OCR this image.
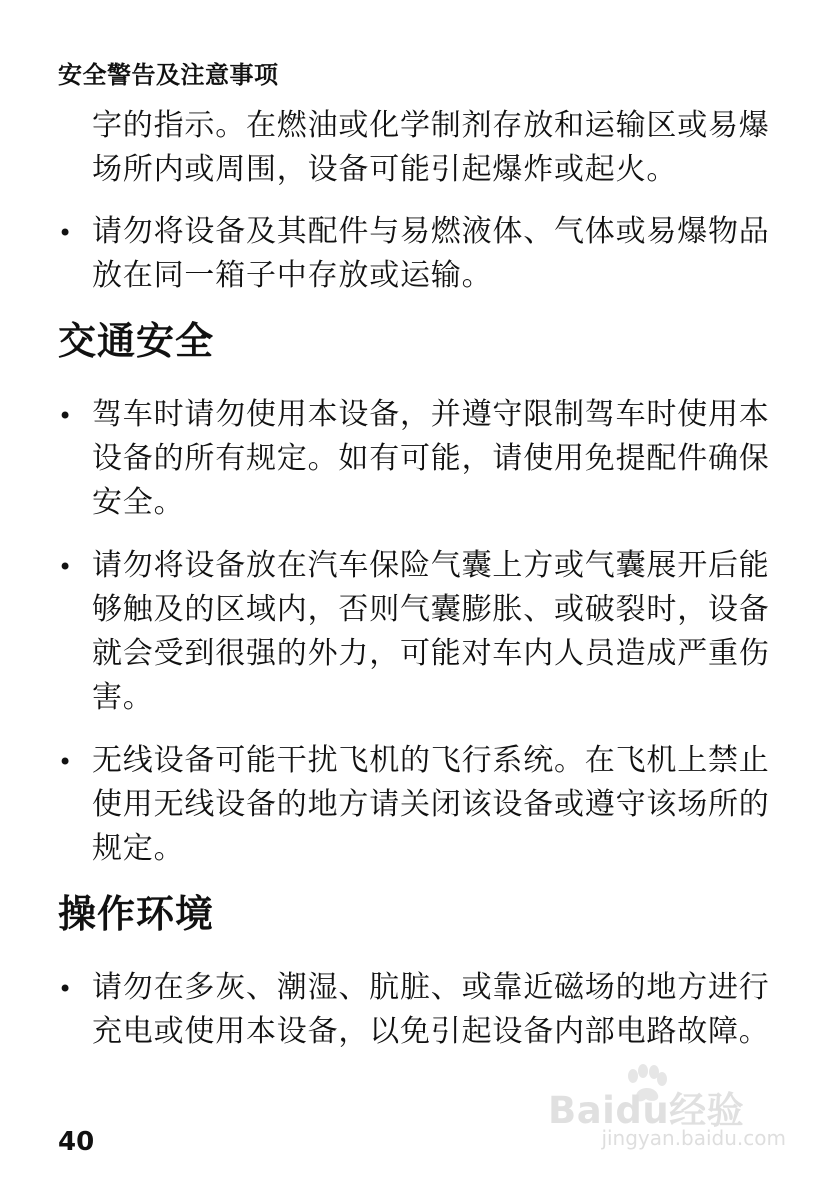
安全警告及注意事项

字的指示。在燃油或化学制剂存放和运输区或易爆场所内或周围，设备可能引起爆炸或起火。

• 请勿将设备及其配件与易燃液体、气体或易爆物品放在同一箱子中存放或运输。
交通安全
• 驾车时请勿使用本设备，并遵守限制驾车时使用本设备的所有规定。如有可能，请使用免提配件确保安全。
• 请勿将设备放在汽车保险气囊上方或气囊展开后能够触及的区域内，否则气囊膨胀、或破裂时，设备就会受到很强的外力，可能对车内人员造成严重伤害。
• 无线设备可能干扰飞机的飞行系统。在飞机上禁止使用无线设备的地方请关闭该设备或遵守该场所的规定。
操作环境
• 请勿在多灰、潮湿、肮脏、或靠近磁场的地方进行充电或使用本设备，以免引起设备内部电路故障。
40
Baidu经验
jingyan.baidu.com
